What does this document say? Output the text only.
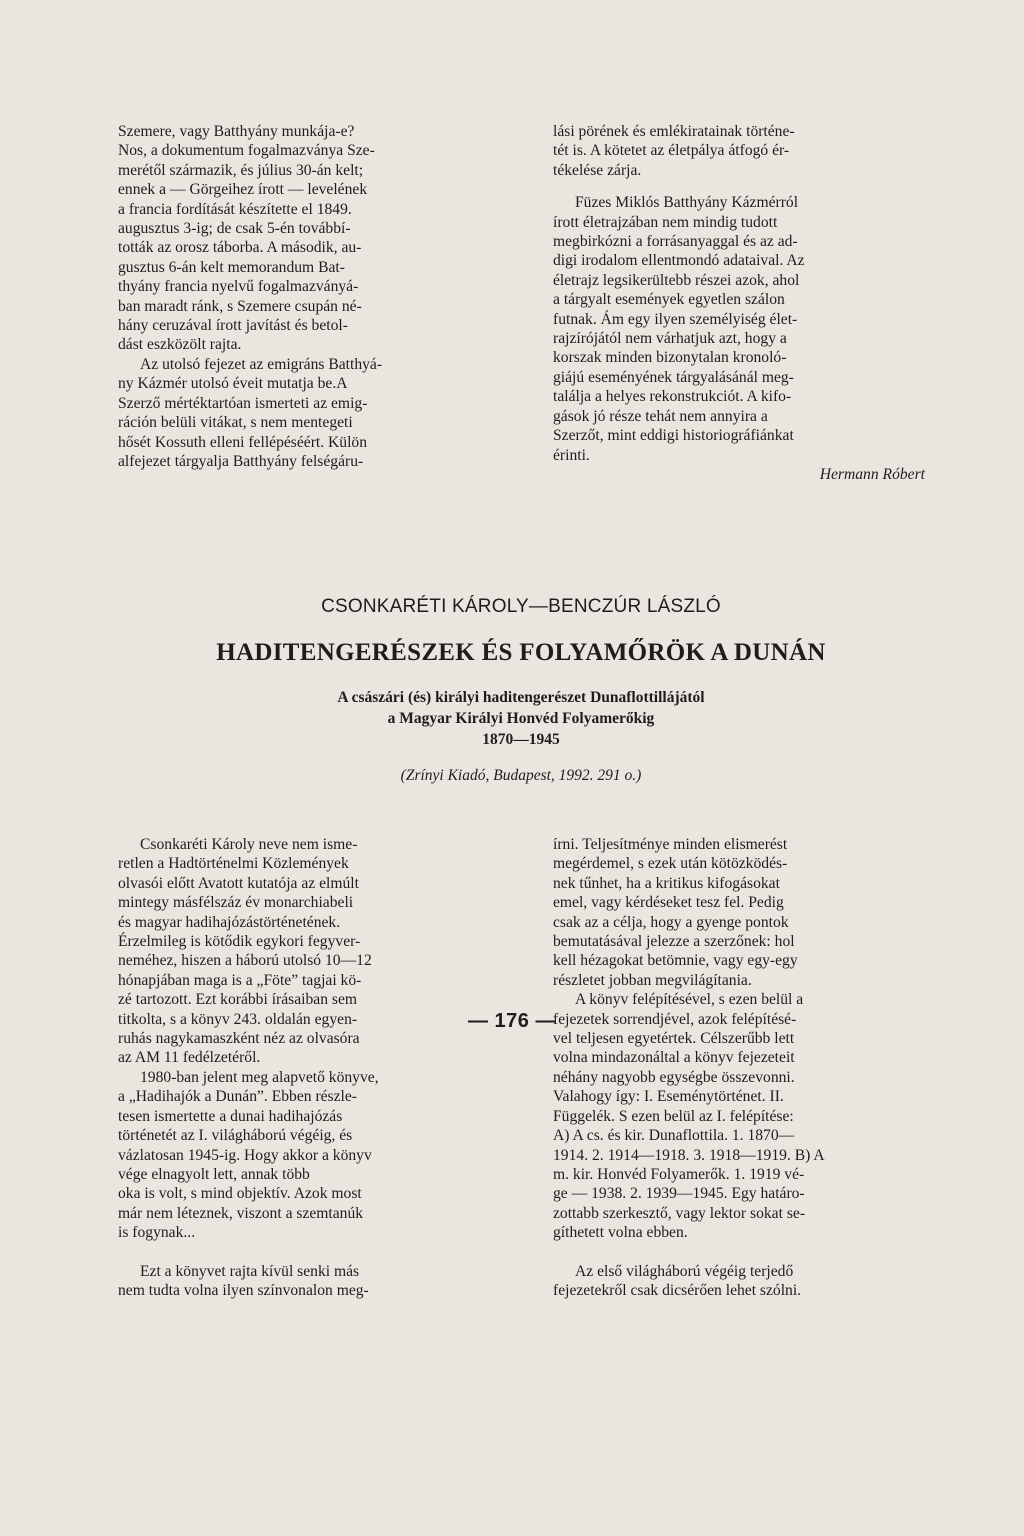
Szemere, vagy Batthyány munkája-e?
Nos, a dokumentum fogalmazványa Sze-
merétől származik, és július 30-án kelt;
ennek a — Görgeihez írott — levelének
a francia fordítását készítette el 1849.
augusztus 3-ig; de csak 5-én továbbí-
tották az orosz táborba. A második, au-
gusztus 6-án kelt memorandum Bat-
thyány francia nyelvű fogalmazványá-
ban maradt ránk, s Szemere csupán né-
hány ceruzával írott javítást és betol-
dást eszközölt rajta.

Az utolsó fejezet az emigráns Batthyá-
ny Kázmér utolsó éveit mutatja be.A
Szerző mértéktartóan ismerteti az emig-
ráción belüli vitákat, s nem mentegeti
hősét Kossuth elleni fellépéséért. Külön
alfejezet tárgyalja Batthyány felségáru-

lási pörének és emlékiratainak történe-
tét is. A kötetet az életpálya átfogó ér-
tékelése zárja.

Füzes Miklós Batthyány Kázmérról
írott életrajzában nem mindig tudott
megbirkózni a forrásanyaggal és az ad-
digi irodalom ellentmondó adataival. Az
életrajz legsikerültebb részei azok, ahol
a tárgyalt események egyetlen szálon
futnak. Ám egy ilyen személyiség élet-
rajzírójától nem várhatjuk azt, hogy a
korszak minden bizonytalan kronoló-
giájú eseményének tárgyalásánál meg-
találja a helyes rekonstrukciót. A kifo-
gások jó része tehát nem annyira a
Szerzőt, mint eddigi historiográfiánkat
érinti.

Hermann Róbert

CSONKARÉTI KÁROLY—BENCZÚR LÁSZLÓ

HADITENGERÉSZEK ÉS FOLYAMŐRÖK A DUNÁN

A császári (és) királyi haditengerészet Dunaflottillájától
a Magyar Királyi Honvéd Folyamerőkig
1870—1945

(Zrínyi Kiadó, Budapest, 1992. 291 o.)

Csonkaréti Károly neve nem isme-
retlen a Hadtörténelmi Közlemények
olvasói előtt Avatott kutatója az elmúlt
mintegy másfélszáz év monarchiabeli
és magyar hadihajózástörténetének.
Érzelmileg is kötődik egykori fegyver-
neméhez, hiszen a háború utolsó 10—12
hónapjában maga is a „Föte” tagjai kö-
zé tartozott. Ezt korábbi írásaiban sem
titkolta, s a könyv 243. oldalán egyen-
ruhás nagykamaszként néz az olvasóra
az AM 11 fedélzetéről.

1980-ban jelent meg alapvető könyve,
a „Hadihajók a Dunán”. Ebben részle-
tesen ismertette a dunai hadihajózás
történetét az I. világháború végéig, és
vázlatosan 1945-ig. Hogy akkor a könyv
vége elnagyolt lett, annak több
oka is volt, s mind objektív. Azok most
már nem léteznek, viszont a szemtanúk
is fogynak...

Ezt a könyvet rajta kívül senki más
nem tudta volna ilyen színvonalon meg-

írni. Teljesítménye minden elismerést
megérdemel, s ezek után kötözködés-
nek tűnhet, ha a kritikus kifogásokat
emel, vagy kérdéseket tesz fel. Pedig
csak az a célja, hogy a gyenge pontok
bemutatásával jelezze a szerzőnek: hol
kell hézagokat betömnie, vagy egy-egy
részletet jobban megvilágítania.

A könyv felépítésével, s ezen belül a
fejezetek sorrendjével, azok felépítésé-
vel teljesen egyetértek. Célszerűbb lett
volna mindazonáltal a könyv fejezeteit
néhány nagyobb egységbe összevonni.
Valahogy így: I. Eseménytörténet. II.
Függelék. S ezen belül az I. felépítése:
A) A cs. és kir. Dunaflottila. 1. 1870—
1914. 2. 1914—1918. 3. 1918—1919. B) A
m. kir. Honvéd Folyamerők. 1. 1919 vé-
ge — 1938. 2. 1939—1945. Egy határo-
zottabb szerkesztő, vagy lektor sokat se-
gíthetett volna ebben.

Az első világháború végéig terjedő
fejezetekről csak dicsérően lehet szólni.

— 176 —
